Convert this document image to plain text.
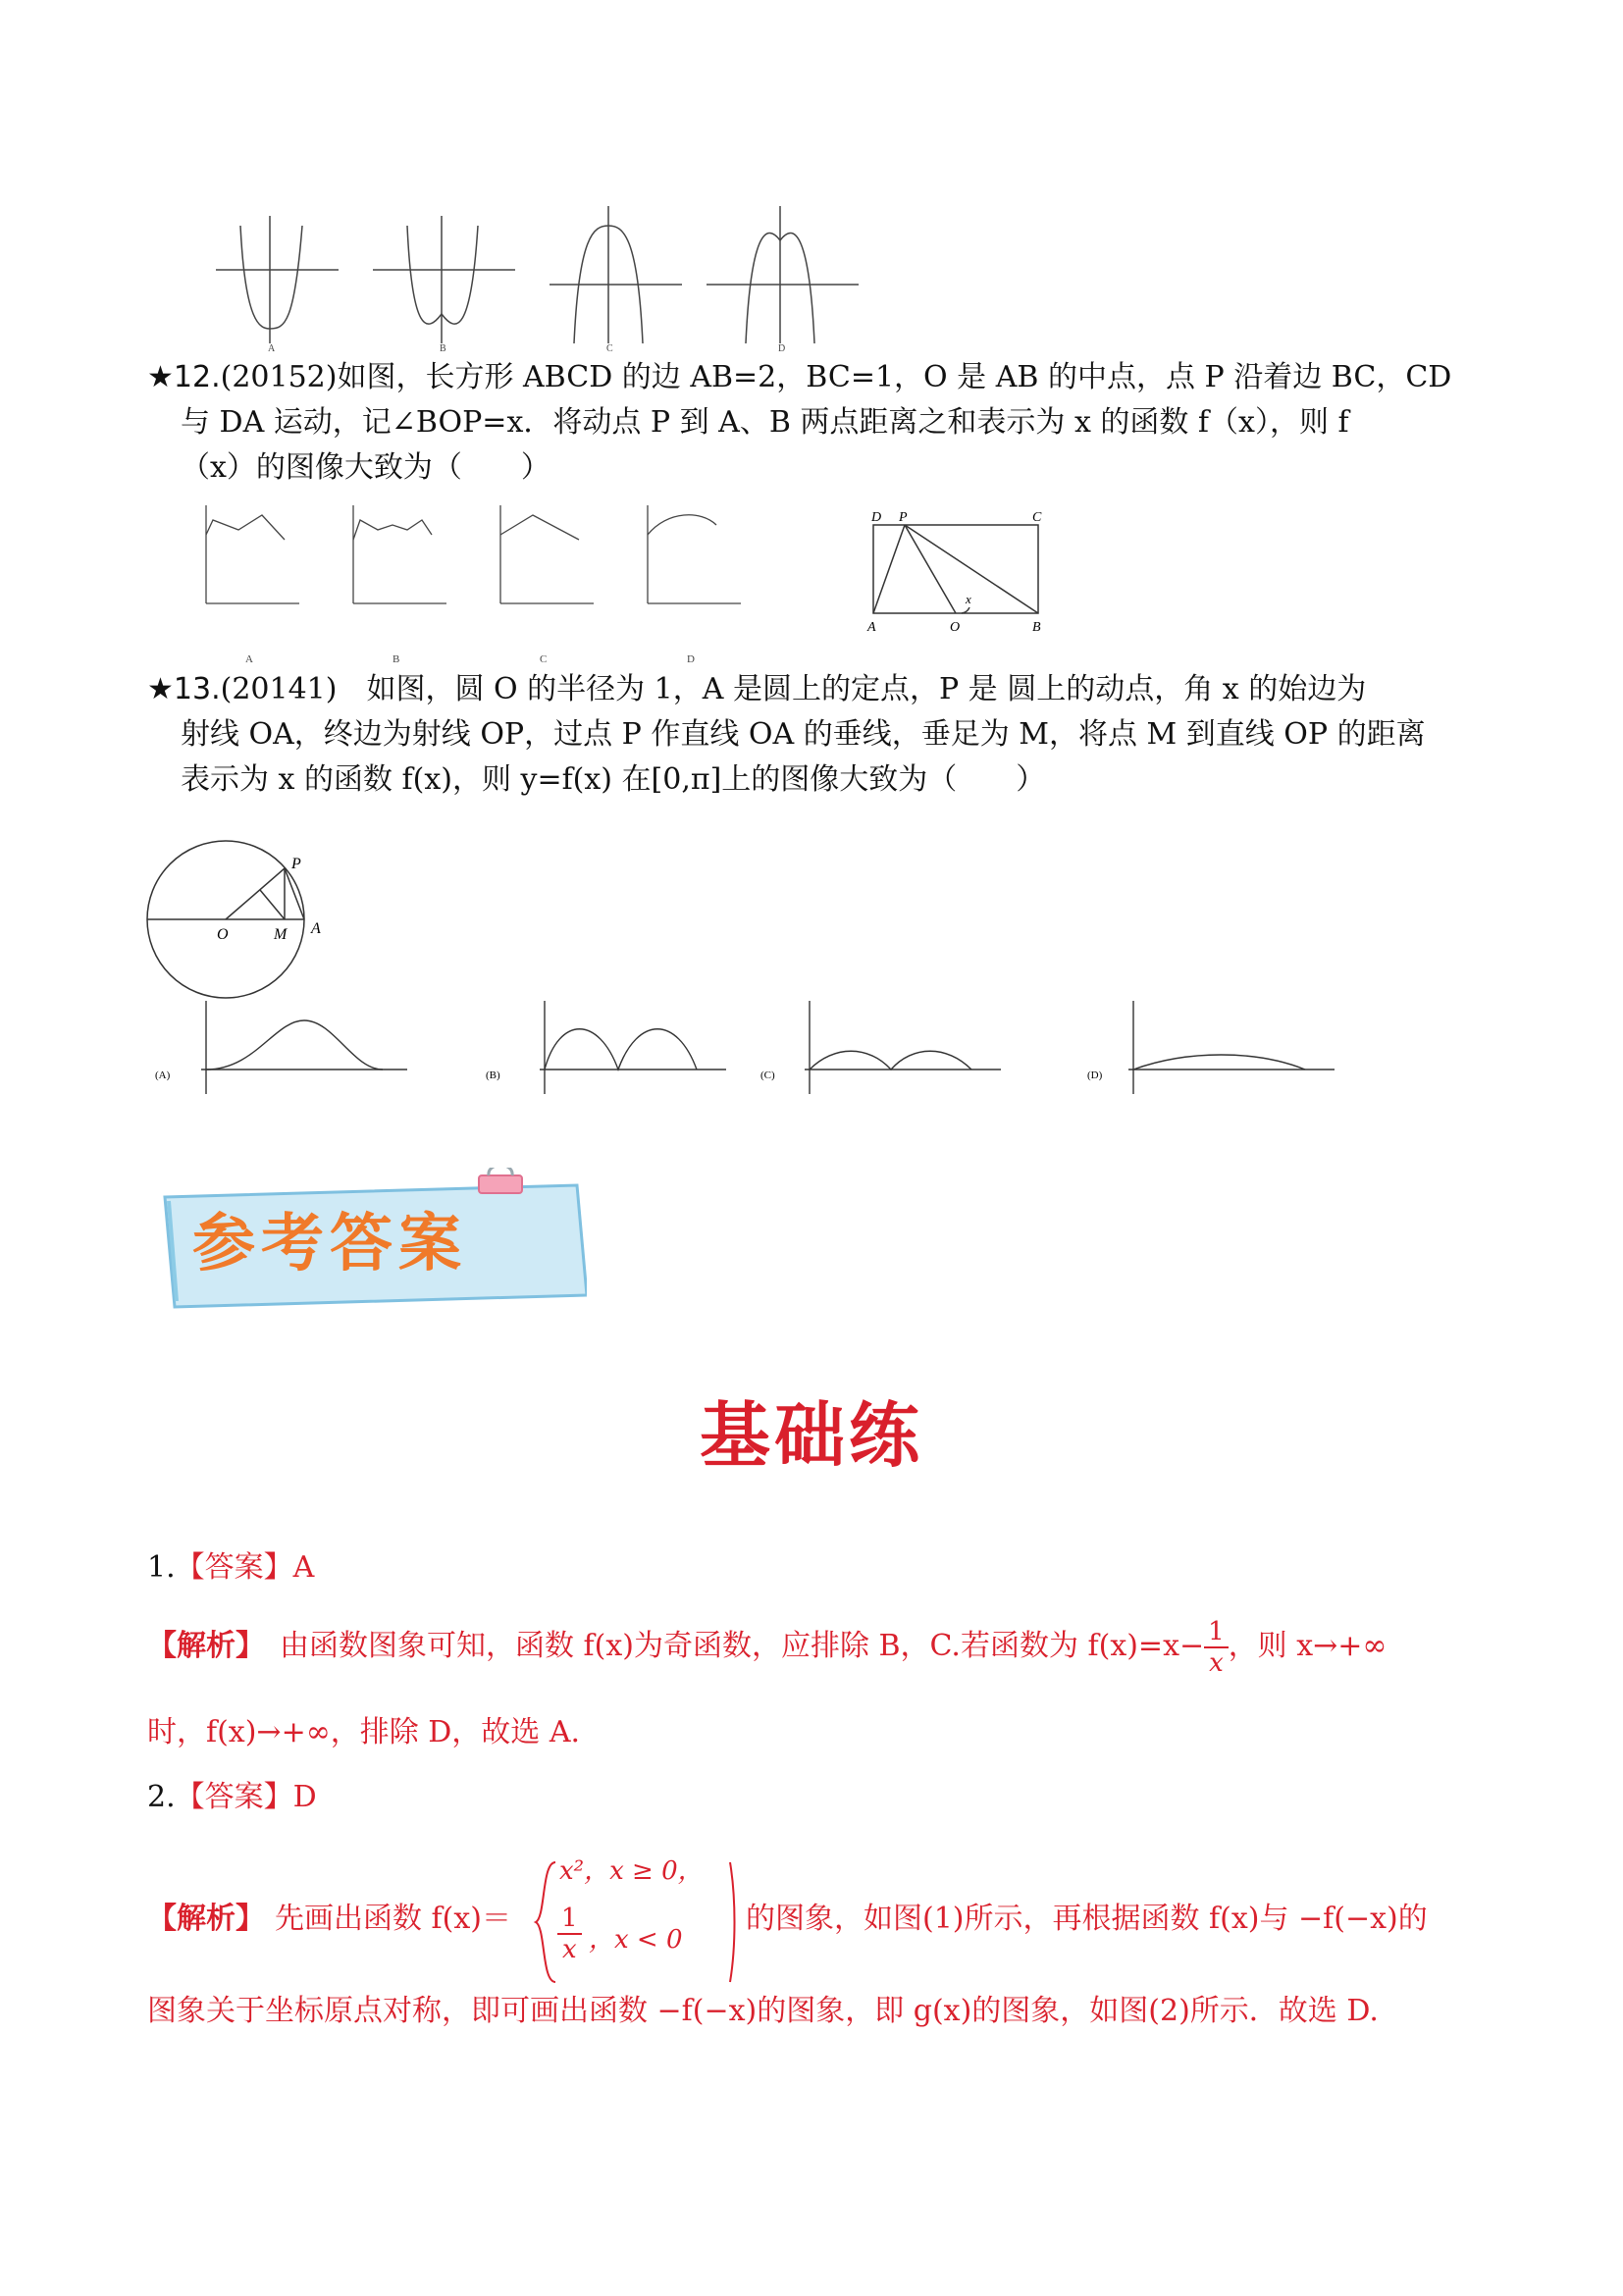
A	B	C	D
★12.(20152)如图，长方形 ABCD 的边 AB=2，BC=1，O 是 AB 的中点，点 P 沿着边 BC，CD
与 DA 运动，记∠BOP=x．将动点 P 到 A、B 两点距离之和表示为 x 的函数 f（x），则 f
（x）的图像大致为（　　）
A	B	C	D
D P	C
A	O	B
x
★13.(20141)　 如图，圆 O 的半径为 1，A 是圆上的定点，P 是 圆上的动点，角 x 的始边为
射线 OA，终边为射线 OP，过点 P 作直线 OA 的垂线，垂足为 M，将点 M 到直线 OP 的距离
表示为 x 的函数 f(x)，则 y=f(x) 在[0,π]上的图像大致为（　　）
O	M A
P
(A)	(B)	(C)	(D)
参考答案
基础练
1.【答案】A
【解析】　 由函数图象可知，函数 f(x)为奇函数，应排除 B，C.若函数为 $f(x)=x- \frac{1}{x}$ ，则 x→+∞
时，f(x)→+∞，排除 D，故选 A.
2.【答案】D
【解析】 先画出函数 f(x)＝
x²，x ≥ 0，
$\frac{1}{x}$ ，x < 0
的图象，如图(1)所示，再根据函数 f(x)与 −f(−x)的
图象关于坐标原点对称，即可画出函数 −f(−x)的图象，即 g(x)的图象，如图(2)所示．故选 D.
